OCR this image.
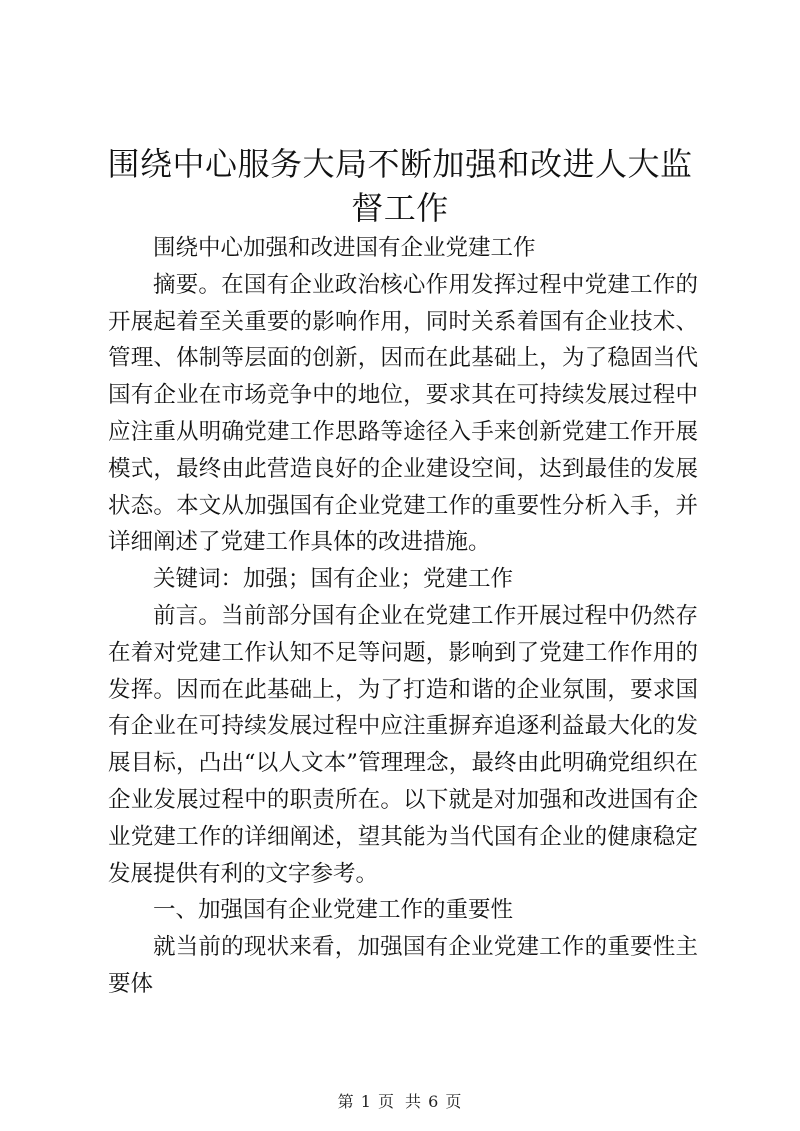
围绕中心服务大局不断加强和改进人大监督工作

围绕中心加强和改进国有企业党建工作

摘要。在国有企业政治核心作用发挥过程中党建工作的开展起着至关重要的影响作用，同时关系着国有企业技术、管理、体制等层面的创新，因而在此基础上，为了稳固当代国有企业在市场竞争中的地位，要求其在可持续发展过程中应注重从明确党建工作思路等途径入手来创新党建工作开展模式，最终由此营造良好的企业建设空间，达到最佳的发展状态。本文从加强国有企业党建工作的重要性分析入手，并详细阐述了党建工作具体的改进措施。

关键词：加强；国有企业；党建工作

前言。当前部分国有企业在党建工作开展过程中仍然存在着对党建工作认知不足等问题，影响到了党建工作作用的发挥。因而在此基础上，为了打造和谐的企业氛围，要求国有企业在可持续发展过程中应注重摒弃追逐利益最大化的发展目标，凸出“以人文本”管理理念，最终由此明确党组织在企业发展过程中的职责所在。以下就是对加强和改进国有企业党建工作的详细阐述，望其能为当代国有企业的健康稳定发展提供有利的文字参考。

一、加强国有企业党建工作的重要性

就当前的现状来看，加强国有企业党建工作的重要性主要体

第 1 页 共 6 页
